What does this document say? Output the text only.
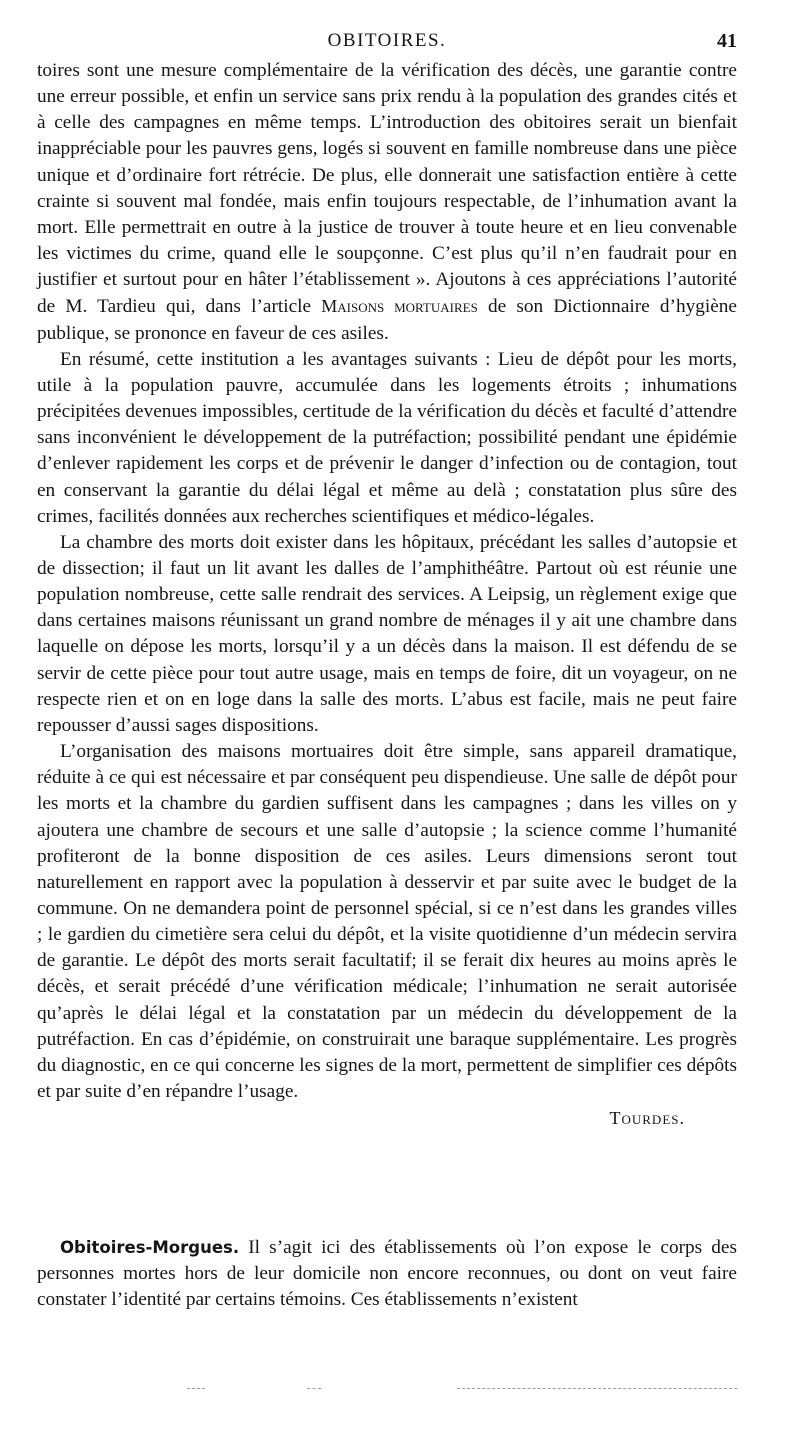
OBITOIRES.	41

toires sont une mesure complémentaire de la vérification des décès, une garantie contre une erreur possible, et enfin un service sans prix rendu à la population des grandes cités et à celle des campagnes en même temps. L’introduction des obitoires serait un bienfait inappréciable pour les pauvres gens, logés si souvent en famille nombreuse dans une pièce unique et d’ordinaire fort rétrécie. De plus, elle donnerait une satisfaction entière à cette crainte si souvent mal fondée, mais enfin toujours respectable, de l’inhumation avant la mort. Elle permettrait en outre à la justice de trouver à toute heure et en lieu convenable les victimes du crime, quand elle le soupçonne. C’est plus qu’il n’en faudrait pour en justifier et surtout pour en hâter l’établissement ». Ajoutons à ces appréciations l’autorité de M. Tardieu qui, dans l’article Maisons mortuaires de son Dictionnaire d’hygiène publique, se prononce en faveur de ces asiles.

En résumé, cette institution a les avantages suivants : Lieu de dépôt pour les morts, utile à la population pauvre, accumulée dans les logements étroits ; inhumations précipitées devenues impossibles, certitude de la vérification du décès et faculté d’attendre sans inconvénient le développement de la putréfaction; possibilité pendant une épidémie d’enlever rapidement les corps et de prévenir le danger d’infection ou de contagion, tout en conservant la garantie du délai légal et même au delà ; constatation plus sûre des crimes, facilités données aux recherches scientifiques et médico-légales.

La chambre des morts doit exister dans les hôpitaux, précédant les salles d’autopsie et de dissection; il faut un lit avant les dalles de l’amphithéâtre. Partout où est réunie une population nombreuse, cette salle rendrait des services. A Leipsig, un règlement exige que dans certaines maisons réunissant un grand nombre de ménages il y ait une chambre dans laquelle on dépose les morts, lorsqu’il y a un décès dans la maison. Il est défendu de se servir de cette pièce pour tout autre usage, mais en temps de foire, dit un voyageur, on ne respecte rien et on en loge dans la salle des morts. L’abus est facile, mais ne peut faire repousser d’aussi sages dispositions.

L’organisation des maisons mortuaires doit être simple, sans appareil dramatique, réduite à ce qui est nécessaire et par conséquent peu dispendieuse. Une salle de dépôt pour les morts et la chambre du gardien suffisent dans les campagnes ; dans les villes on y ajoutera une chambre de secours et une salle d’autopsie ; la science comme l’humanité profiteront de la bonne disposition de ces asiles. Leurs dimensions seront tout naturellement en rapport avec la population à desservir et par suite avec le budget de la commune. On ne demandera point de personnel spécial, si ce n’est dans les grandes villes ; le gardien du cimetière sera celui du dépôt, et la visite quotidienne d’un médecin servira de garantie. Le dépôt des morts serait facultatif; il se ferait dix heures au moins après le décès, et serait précédé d’une vérification médicale; l’inhumation ne serait autorisée qu’après le délai légal et la constatation par un médecin du développement de la putréfaction. En cas d’épidémie, on construirait une baraque supplémentaire. Les progrès du diagnostic, en ce qui concerne les signes de la mort, permettent de simplifier ces dépôts et par suite d’en répandre l’usage.

Tourdes.

Obitoires-Morgues. Il s’agit ici des établissements où l’on expose le corps des personnes mortes hors de leur domicile non encore reconnues, ou dont on veut faire constater l’identité par certains témoins. Ces établissements n’existent
